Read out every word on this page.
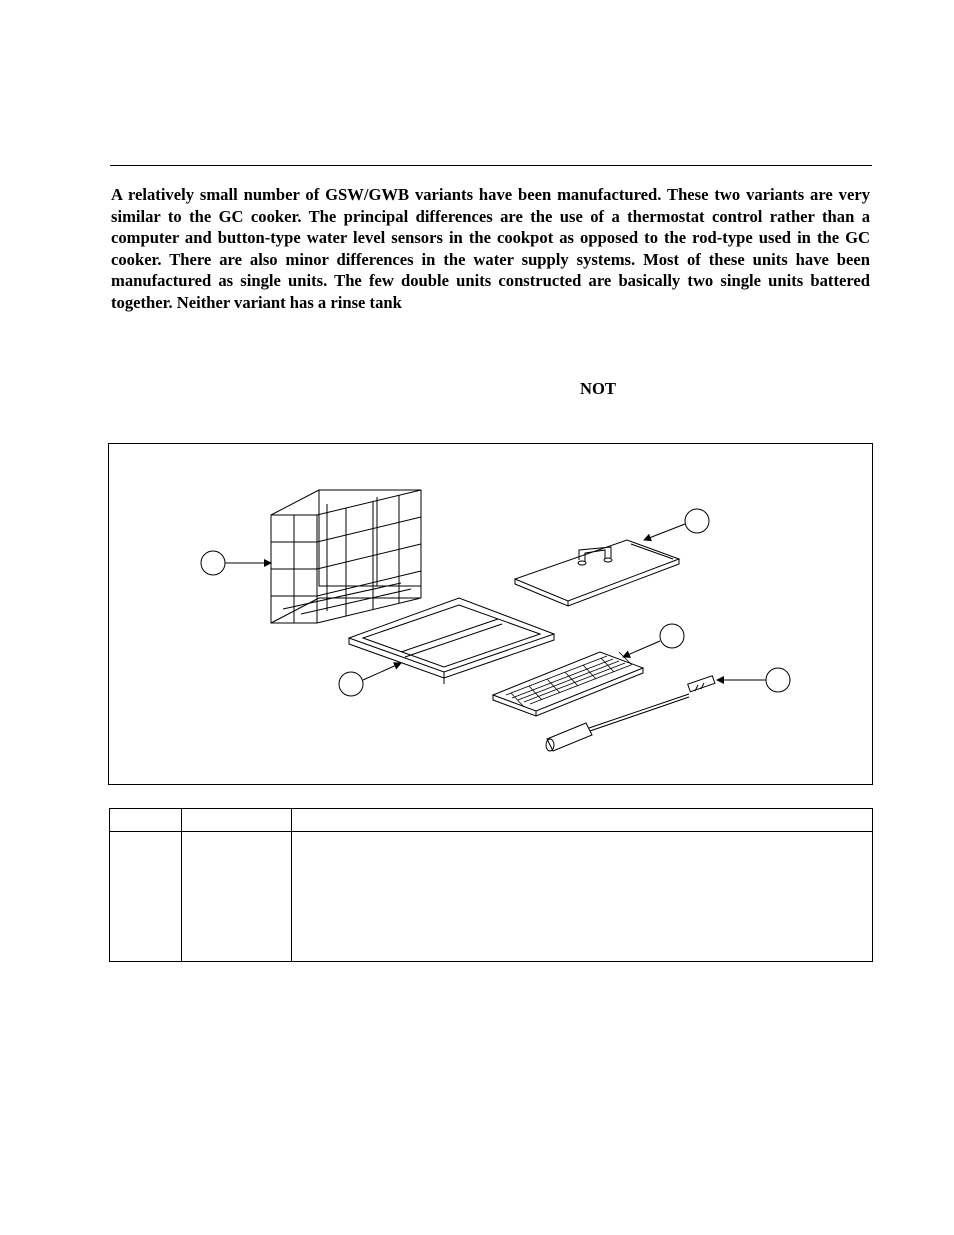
A relatively small number of GSW/GWB variants have been manufactured. These two variants are very similar to the GC cooker. The principal differences are the use of a thermostat control rather than a computer and button-type water level sensors in the cookpot as opposed to the rod-type used in the GC cooker. There are also minor differences in the water supply systems. Most of these units have been manufactured as single units. The few double units constructed are basically two single units battered together. Neither variant has a rinse tank

NOT
